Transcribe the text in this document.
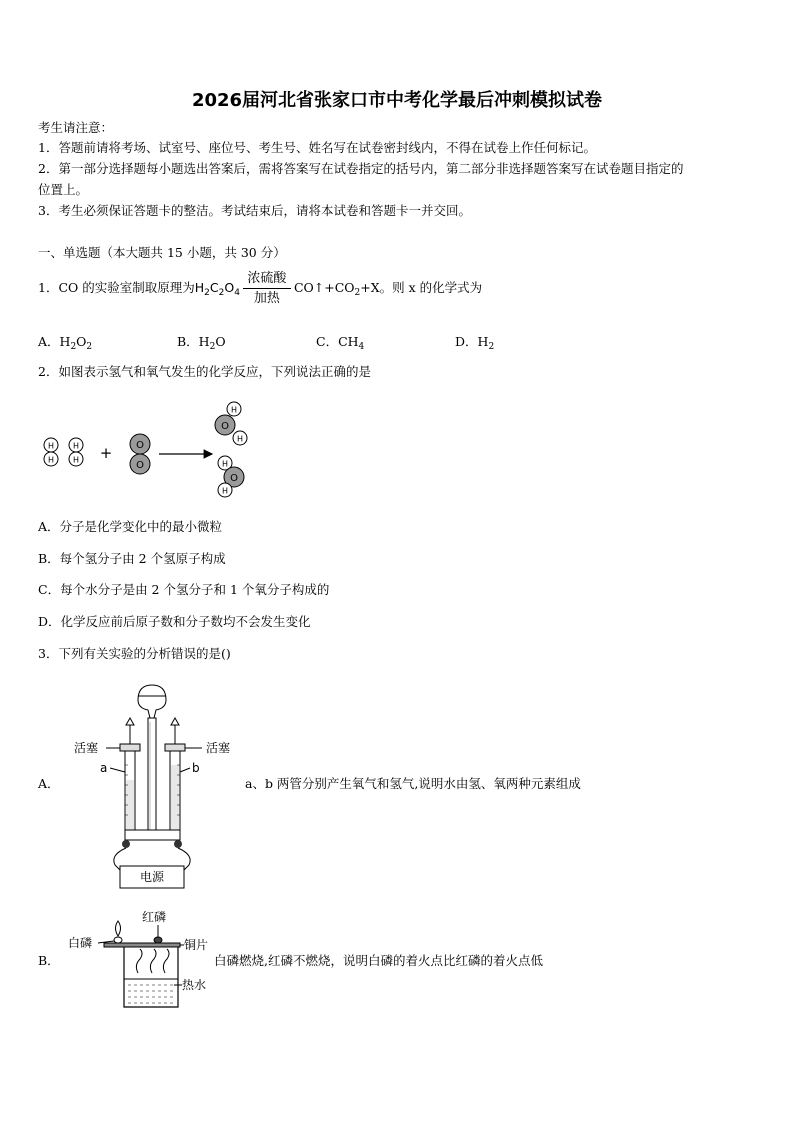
2026届河北省张家口市中考化学最后冲刺模拟试卷
考生请注意：
1．答题前请将考场、试室号、座位号、考生号、姓名写在试卷密封线内，不得在试卷上作任何标记。
2．第一部分选择题每小题选出答案后，需将答案写在试卷指定的括号内，第二部分非选择题答案写在试卷题目指定的
位置上。
3．考生必须保证答题卡的整洁。考试结束后，请将本试卷和答题卡一并交回。
一、单选题（本大题共 15 小题，共 30 分）
1．CO 的实验室制取原理为$H_2C_2O_4 \frac{\text{浓硫酸}}{\text{加热}}$ $CO↑+CO_2+X$。则 x 的化学式为
A．$H_2O_2$	B．$H_2O$	C．$CH_4$	D．$H_2$
2．如图表示氢气和氧气发生的化学反应，下列说法正确的是
H
H
H
H + O
O
H
O
H
H
O
H
A．分子是化学变化中的最小微粒
B．每个氢分子由 2 个氢原子构成
C．每个水分子是由 2 个氢分子和 1 个氧分子构成的
D．化学反应前后原子数和分子数均不会发生变化
3．下列有关实验的分析错误的是()
A．
电源
活塞	活塞
a	b
a、b 两管分别产生氧气和氢气,说明水由氢、氧两种元素组成
B．
白磷
红磷
铜片
热水
白磷燃烧,红磷不燃烧，说明白磷的着火点比红磷的着火点低
